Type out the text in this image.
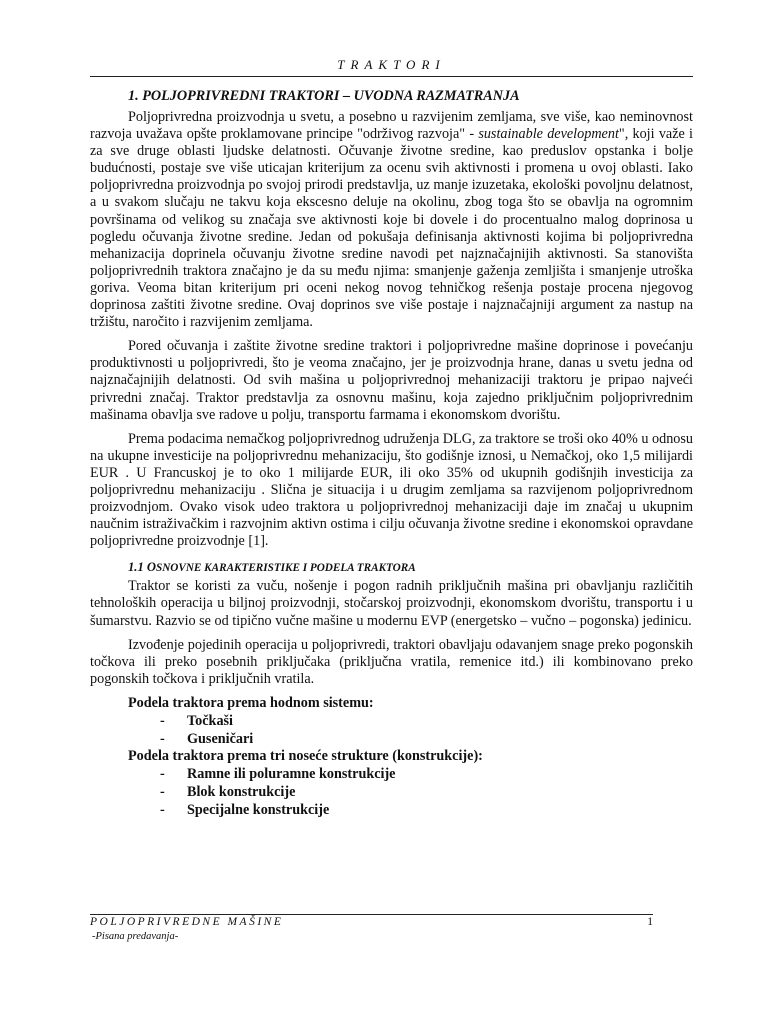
TRAKTORI
1. POLJOPRIVREDNI TRAKTORI – UVODNA RAZMATRANJA

Poljoprivredna proizvodnja u svetu, a posebno u razvijenim zemljama, sve više, kao neminovnost razvoja uvažava opšte proklamovane principe "održivog razvoja" - sustainable development", koji važe i za sve druge oblasti ljudske delatnosti. Očuvanje životne sredine, kao preduslov opstanka i bolje budućnosti, postaje sve više uticajan kriterijum za ocenu svih aktivnosti i promena u ovoj oblasti. Iako poljoprivredna proizvodnja po svojoj prirodi predstavlja, uz manje izuzetaka, ekološki povoljnu delatnost, a u svakom slučaju ne takvu koja ekscesno deluje na okolinu, zbog toga što se obavlja na ogromnim površinama od velikog su značaja sve aktivnosti koje bi dovele i do procentualno malog doprinosa u pogledu očuvanja životne sredine. Jedan od pokušaja definisanja aktivnosti kojima bi poljoprivredna mehanizacija doprinela očuvanju životne sredine navodi pet najznačajnijih aktivnosti. Sa stanovišta poljoprivrednih traktora značajno je da su među njima: smanjenje gaženja zemljišta i smanjenje utroška goriva. Veoma bitan kriterijum pri oceni nekog novog tehničkog rešenja postaje procena njegovog doprinosa zaštiti životne sredine. Ovaj doprinos sve više postaje i najznačajniji argument za nastup na tržištu, naročito i razvijenim zemljama.

Pored očuvanja i zaštite životne sredine traktori i poljoprivredne mašine doprinose i povećanju produktivnosti u poljoprivredi, što je veoma značajno, jer je proizvodnja hrane, danas u svetu jedna od najznačajnijih delatnosti. Od svih mašina u poljoprivrednoj mehanizaciji traktoru je pripao najveći privredni značaj. Traktor predstavlja za osnovnu mašinu, koja zajedno priključnim poljoprivrednim mašinama obavlja sve radove u polju, transportu farmama i ekonomskom dvorištu.

Prema podacima nemačkog poljoprivrednog udruženja DLG, za traktore se troši oko 40% u odnosu na ukupne investicije na poljoprivrednu mehanizaciju, što godišnje iznosi, u Nemačkoj, oko 1,5 milijardi EUR . U Francuskoj je to oko 1 milijarde EUR, ili oko 35% od ukupnih godišnjih investicija za poljoprivrednu mehanizaciju . Slična je situacija i u drugim zemljama sa razvijenom poljoprivrednom proizvodnjom. Ovako visok udeo traktora u poljoprivrednoj mehanizaciji daje im značaj u ukupnim naučnim istraživačkim i razvojnim aktivn ostima i cilju očuvanja životne sredine i ekonomskoi opravdane poljoprivredne proizvodnje [1].

1.1 OSNOVNE KARAKTERISTIKE I PODELA TRAKTORA

Traktor se koristi za vuču, nošenje i pogon radnih priključnih mašina pri obavljanju različitih tehnoloških operacija u biljnoj proizvodnji, stočarskoj proizvodnji, ekonomskom dvorištu, transportu i u šumarstvu. Razvio se od tipično vučne mašine u modernu EVP (energetsko – vučno – pogonska) jedinicu.

Izvođenje pojedinih operacija u poljoprivredi, traktori obavljaju odavanjem snage preko pogonskih točkova ili preko posebnih priključaka (priključna vratila, remenice itd.) ili kombinovano preko pogonskih točkova i priključnih vratila.

Podela traktora prema hodnom sistemu:
- Točkaši
- Guseničari
Podela traktora prema tri noseće strukture (konstrukcije):
- Ramne ili poluramne konstrukcije
- Blok konstrukcije
- Specijalne konstrukcije
POLJOPRIVREDNE MAŠINE	1
-Pisana predavanja-
